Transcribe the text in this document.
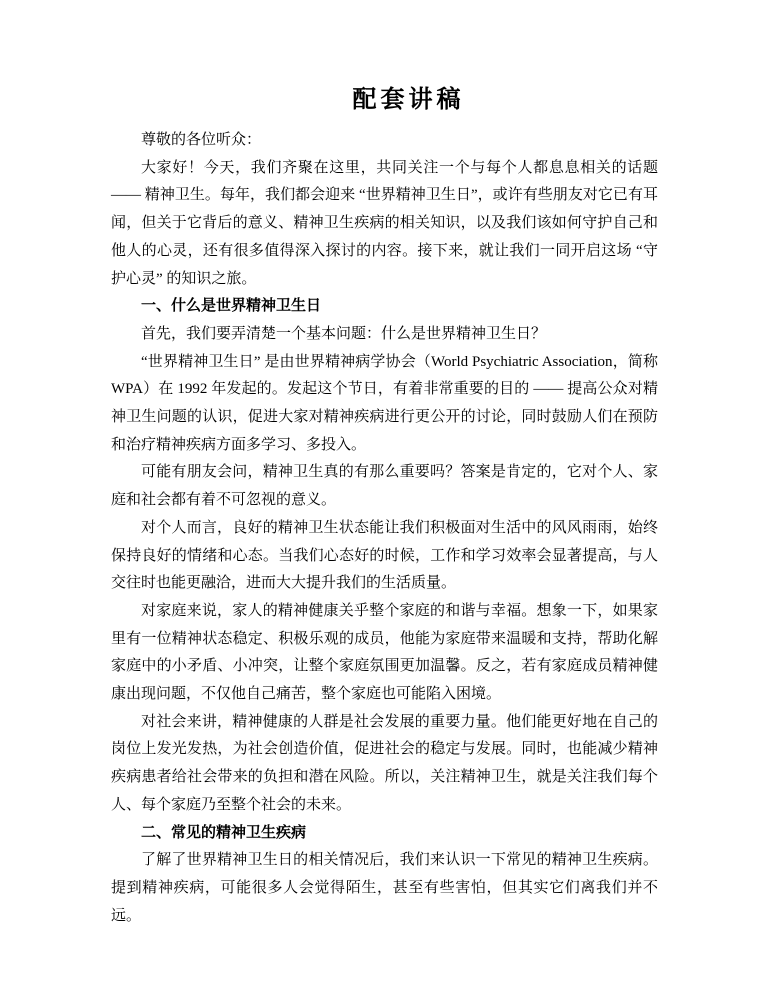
配套讲稿

尊敬的各位听众：

大家好！今天，我们齐聚在这里，共同关注一个与每个人都息息相关的话题 —— 精神卫生。每年，我们都会迎来 “世界精神卫生日”，或许有些朋友对它已有耳闻，但关于它背后的意义、精神卫生疾病的相关知识，以及我们该如何守护自己和他人的心灵，还有很多值得深入探讨的内容。接下来，就让我们一同开启这场 “守护心灵” 的知识之旅。

一、什么是世界精神卫生日

首先，我们要弄清楚一个基本问题：什么是世界精神卫生日？

“世界精神卫生日” 是由世界精神病学协会（World Psychiatric Association，简称 WPA）在 1992 年发起的。发起这个节日，有着非常重要的目的 —— 提高公众对精神卫生问题的认识，促进大家对精神疾病进行更公开的讨论，同时鼓励人们在预防和治疗精神疾病方面多学习、多投入。

可能有朋友会问，精神卫生真的有那么重要吗？答案是肯定的，它对个人、家庭和社会都有着不可忽视的意义。

对个人而言，良好的精神卫生状态能让我们积极面对生活中的风风雨雨，始终保持良好的情绪和心态。当我们心态好的时候，工作和学习效率会显著提高，与人交往时也能更融洽，进而大大提升我们的生活质量。

对家庭来说，家人的精神健康关乎整个家庭的和谐与幸福。想象一下，如果家里有一位精神状态稳定、积极乐观的成员，他能为家庭带来温暖和支持，帮助化解家庭中的小矛盾、小冲突，让整个家庭氛围更加温馨。反之，若有家庭成员精神健康出现问题，不仅他自己痛苦，整个家庭也可能陷入困境。

对社会来讲，精神健康的人群是社会发展的重要力量。他们能更好地在自己的岗位上发光发热，为社会创造价值，促进社会的稳定与发展。同时，也能减少精神疾病患者给社会带来的负担和潜在风险。所以，关注精神卫生，就是关注我们每个人、每个家庭乃至整个社会的未来。

二、常见的精神卫生疾病

了解了世界精神卫生日的相关情况后，我们来认识一下常见的精神卫生疾病。提到精神疾病，可能很多人会觉得陌生，甚至有些害怕，但其实它们离我们并不远。
